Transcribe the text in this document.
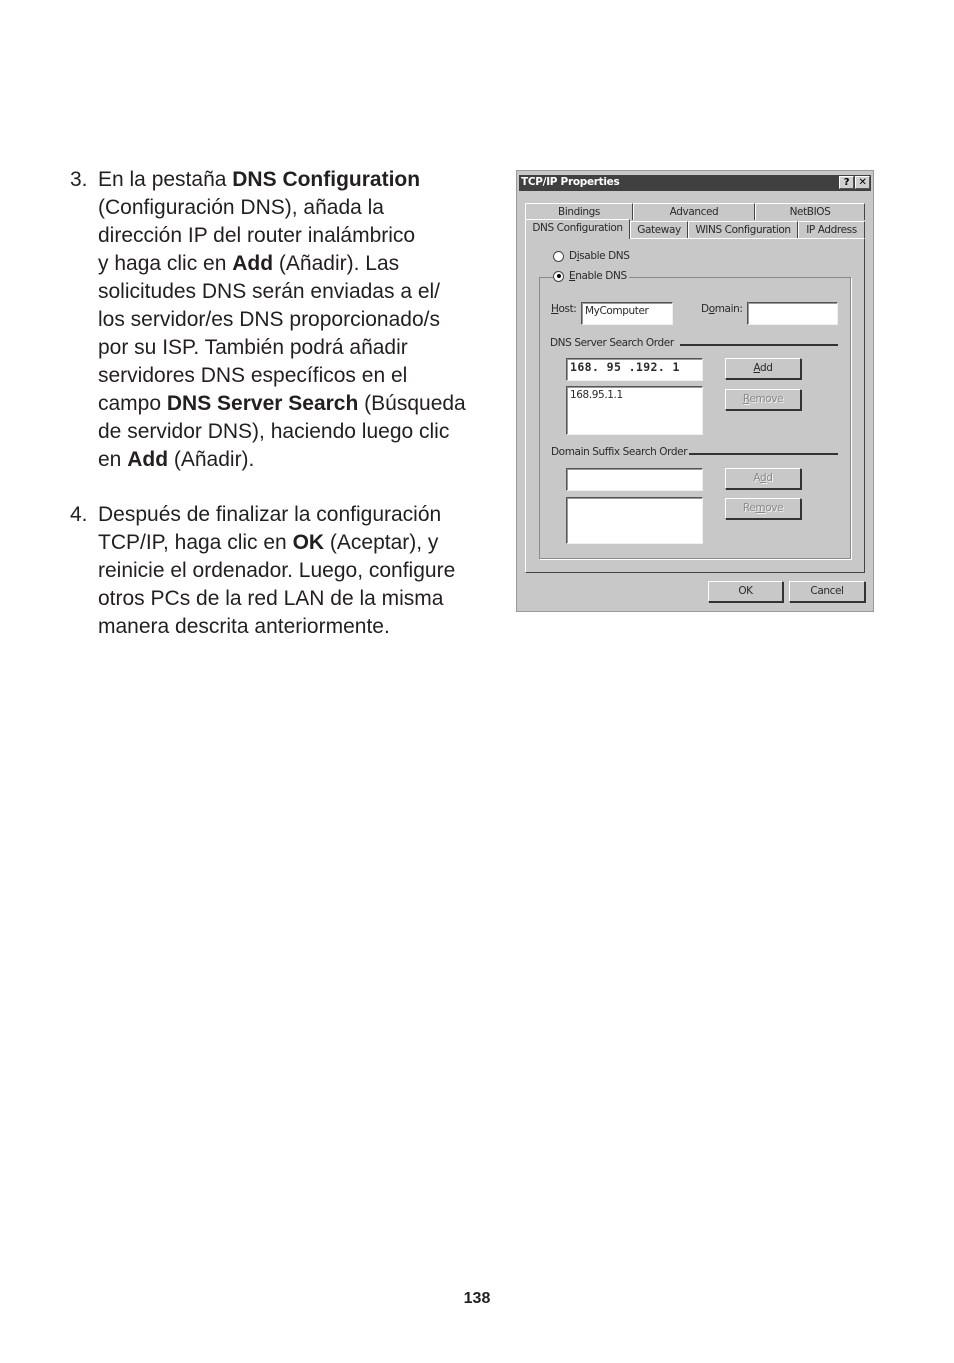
3. En la pestaña DNS Configuration
(Configuración DNS), añada la
dirección IP del router inalámbrico
y haga clic en Add (Añadir). Las
solicitudes DNS serán enviadas a el/
los servidor/es DNS proporcionado/s
por su ISP. También podrá añadir
servidores DNS específicos en el
campo DNS Server Search (Búsqueda
de servidor DNS), haciendo luego clic
en Add (Añadir).
4. Después de finalizar la configuración
TCP/IP, haga clic en OK (Aceptar), y
reinicie el ordenador. Luego, configure
otros PCs de la red LAN de la misma
manera descrita anteriormente.
TCP/IP Properties	? ✕
Bindings	Advanced	NetBIOS
DNS Configuration	Gateway	WINS Configuration	IP Address
Disable DNS
Enable DNS
Host: MyComputer	Domain:
DNS Server Search Order
168. 95 .192. 1	Add
168.95.1.1	Remove
Domain Suffix Search Order
Add
Remove
OK	Cancel
138
